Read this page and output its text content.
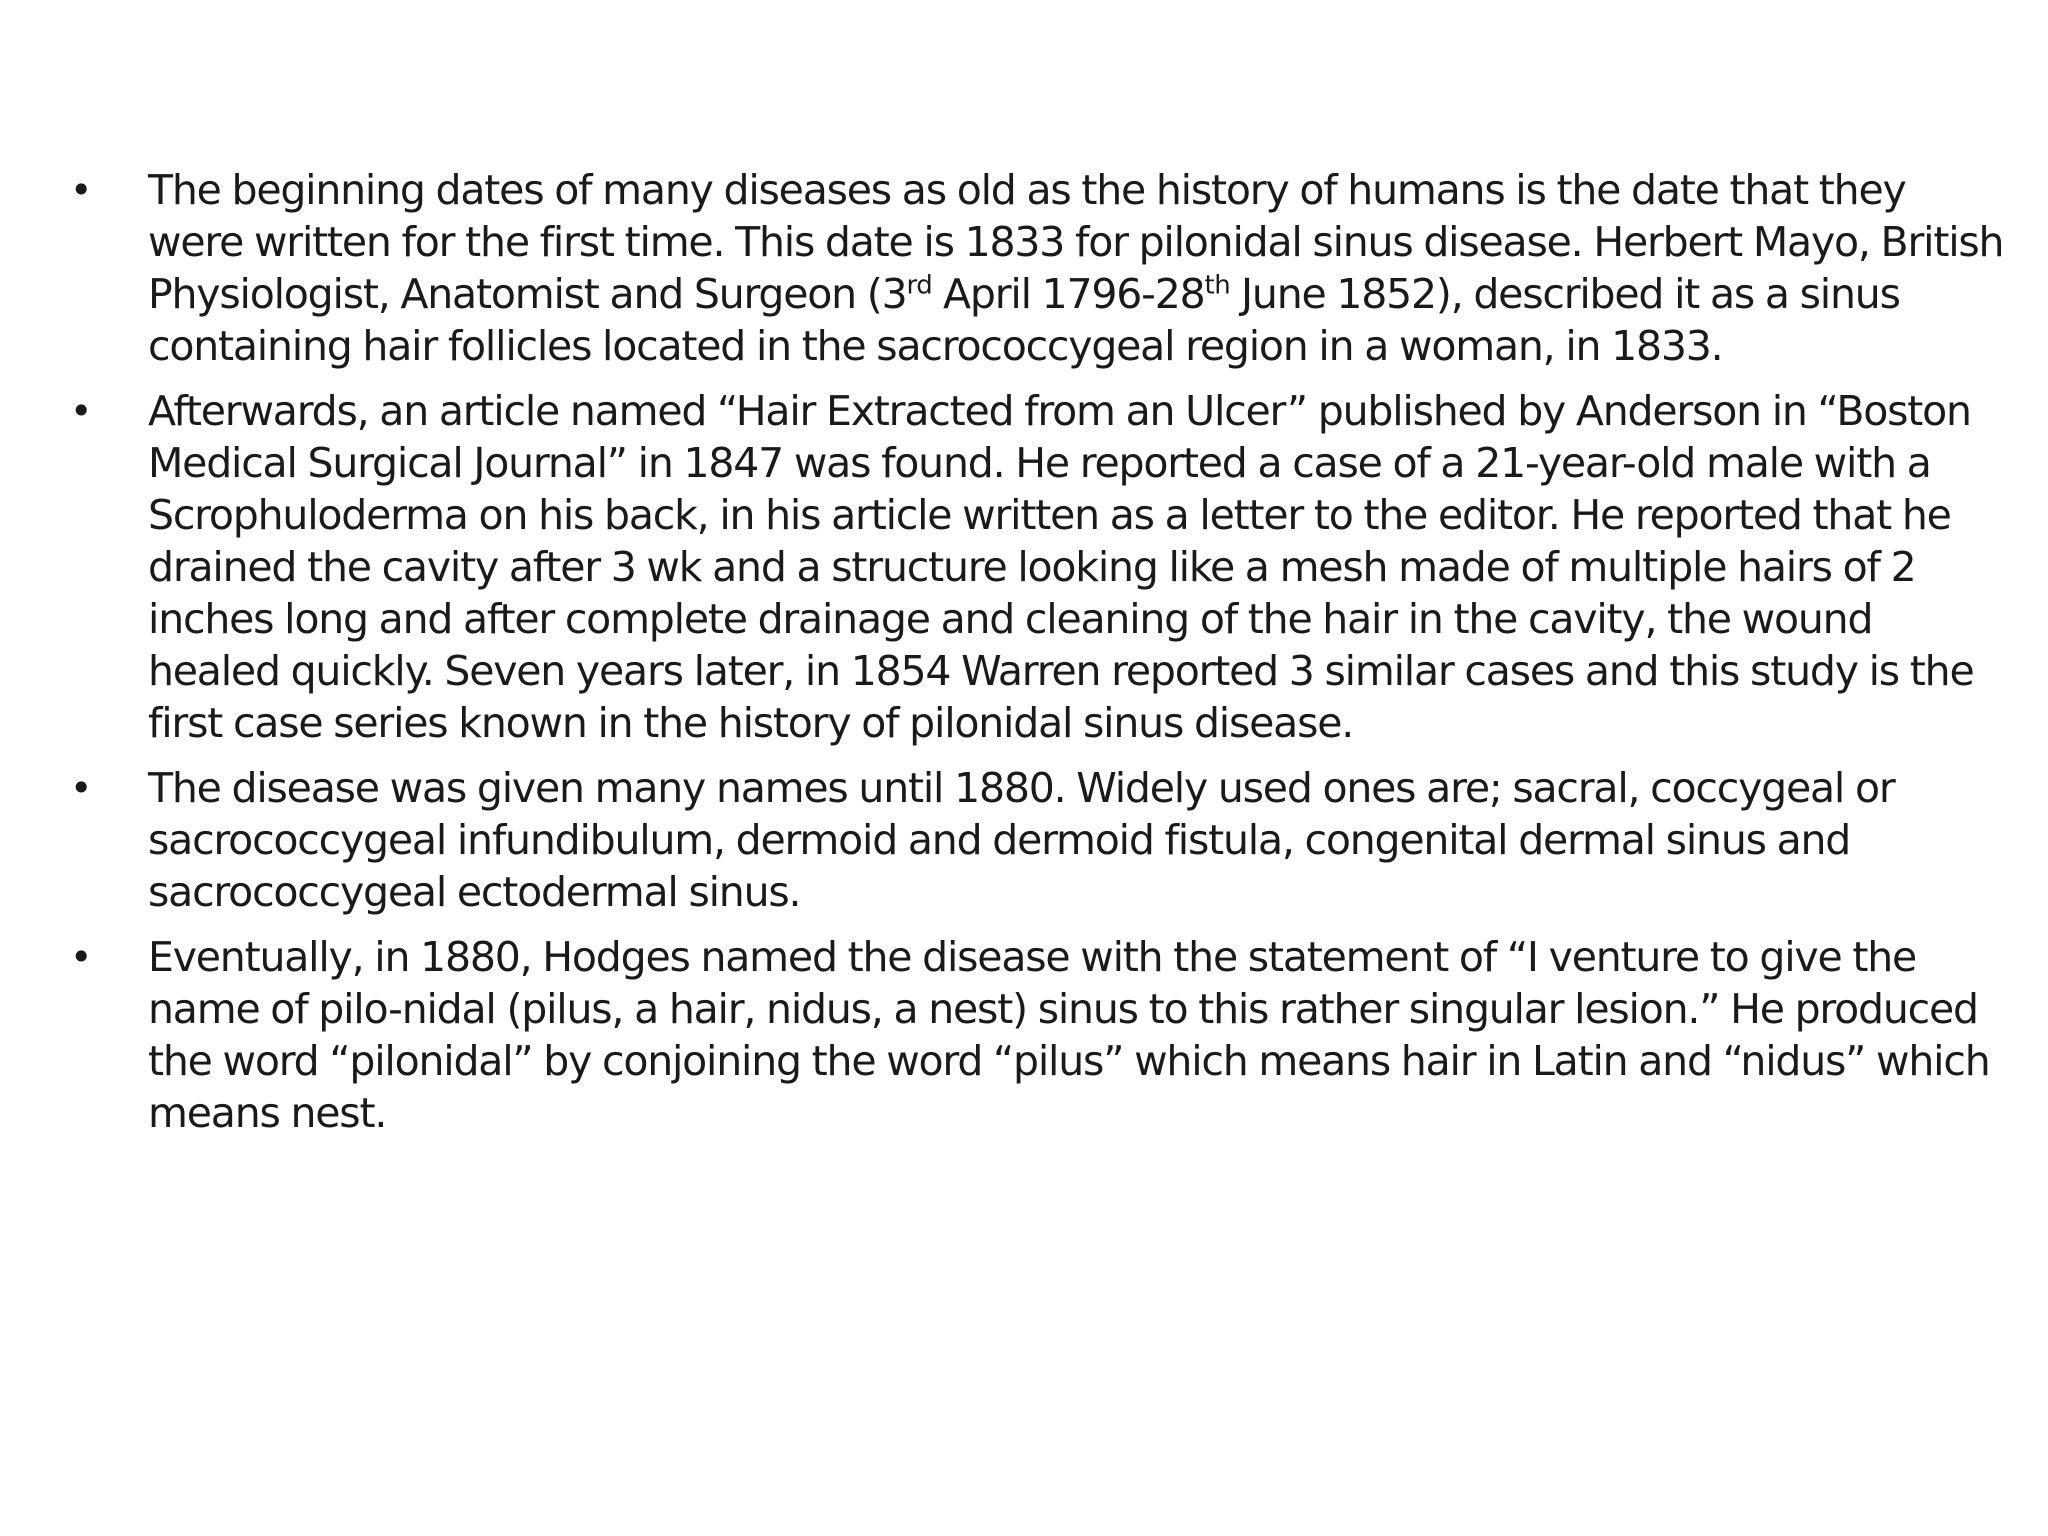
• The beginning dates of many diseases as old as the history of humans is the date that they were written for the first time. This date is 1833 for pilonidal sinus disease. Herbert Mayo, British Physiologist, Anatomist and Surgeon (3rd April 1796-28th June 1852), described it as a sinus containing hair follicles located in the sacrococcygeal region in a woman, in 1833.
• Afterwards, an article named “Hair Extracted from an Ulcer” published by Anderson in “Boston Medical Surgical Journal” in 1847 was found. He reported a case of a 21-year-old male with a Scrophuloderma on his back, in his article written as a letter to the editor. He reported that he drained the cavity after 3 wk and a structure looking like a mesh made of multiple hairs of 2 inches long and after complete drainage and cleaning of the hair in the cavity, the wound healed quickly. Seven years later, in 1854 Warren reported 3 similar cases and this study is the first case series known in the history of pilonidal sinus disease.
• The disease was given many names until 1880. Widely used ones are; sacral, coccygeal or sacrococcygeal infundibulum, dermoid and dermoid fistula, congenital dermal sinus and sacrococcygeal ectodermal sinus.
• Eventually, in 1880, Hodges named the disease with the statement of “I venture to give the name of pilo-nidal (pilus, a hair, nidus, a nest) sinus to this rather singular lesion.” He produced the word “pilonidal” by conjoining the word “pilus” which means hair in Latin and “nidus” which means nest.
